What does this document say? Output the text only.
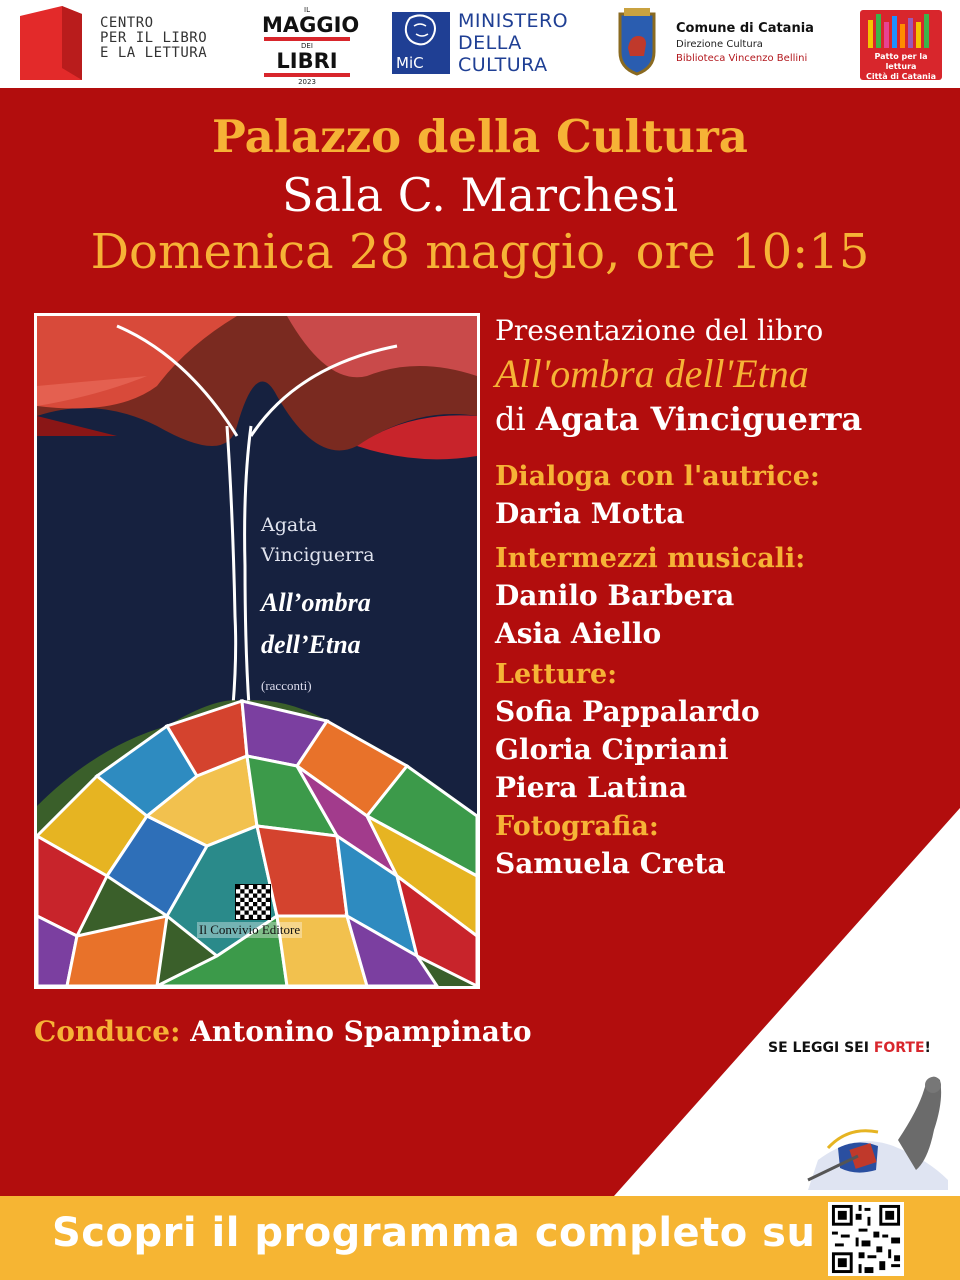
CENTRO
PER IL LIBRO
E LA LETTURA
IL
MAGGIO
DEI
LIBRI
2023
MiC
MINISTERO
DELLA
CULTURA
Comune di Catania
Direzione Cultura
Biblioteca Vincenzo Bellini	Patto per la lettura
Città di Catania
Palazzo della Cultura
Sala C. Marchesi
Domenica 28 maggio, ore 10:15
Agata
Vinciguerra
All’ombra
dell’Etna
(racconti)
Il Convivio Editore
Presentazione del libro
All'ombra dell'Etna
di Agata Vinciguerra
Dialoga con l'autrice:
Daria Motta
Intermezzi musicali:
Danilo Barbera
Asia Aiello
Letture:
Sofia Pappalardo
Gloria Cipriani
Piera Latina
Fotografia:
Samuela Creta
Conduce: Antonino Spampinato	SE LEGGI SEI FORTE!
Scopri il programma completo su
